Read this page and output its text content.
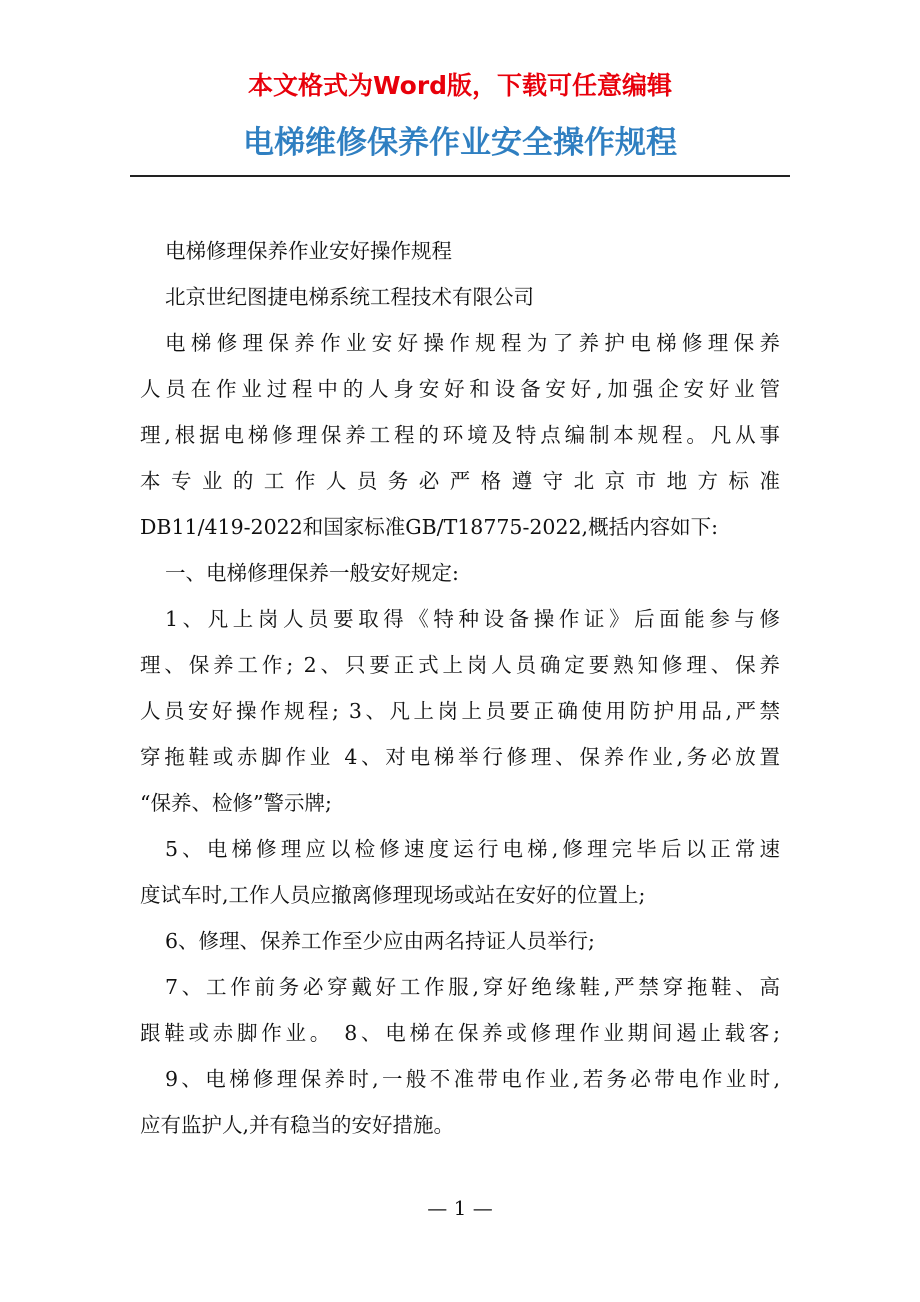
本文格式为Word版，下载可任意编辑
电梯维修保养作业安全操作规程
电梯修理保养作业安好操作规程
北京世纪图捷电梯系统工程技术有限公司
电梯修理保养作业安好操作规程为了养护电梯修理保养
人员在作业过程中的人身安好和设备安好,加强企安好业管
理,根据电梯修理保养工程的环境及特点编制本规程。凡从事
本专业的工作人员务必严格遵守北京市地方标准
DB11/419-2022和国家标准GB/T18775-2022,概括内容如下:
一、电梯修理保养一般安好规定:
1、凡上岗人员要取得《特种设备操作证》后面能参与修
理、保养工作; 2、只要正式上岗人员确定要熟知修理、保养
人员安好操作规程; 3、凡上岗上员要正确使用防护用品,严禁
穿拖鞋或赤脚作业 4、对电梯举行修理、保养作业,务必放置
“保养、检修”警示牌;
5、电梯修理应以检修速度运行电梯,修理完毕后以正常速
度试车时,工作人员应撤离修理现场或站在安好的位置上;
6、修理、保养工作至少应由两名持证人员举行;
7、工作前务必穿戴好工作服,穿好绝缘鞋,严禁穿拖鞋、高
跟鞋或赤脚作业。 8、电梯在保养或修理作业期间遏止载客;
9、电梯修理保养时,一般不准带电作业,若务必带电作业时,
应有监护人,并有稳当的安好措施。
— 1 —
